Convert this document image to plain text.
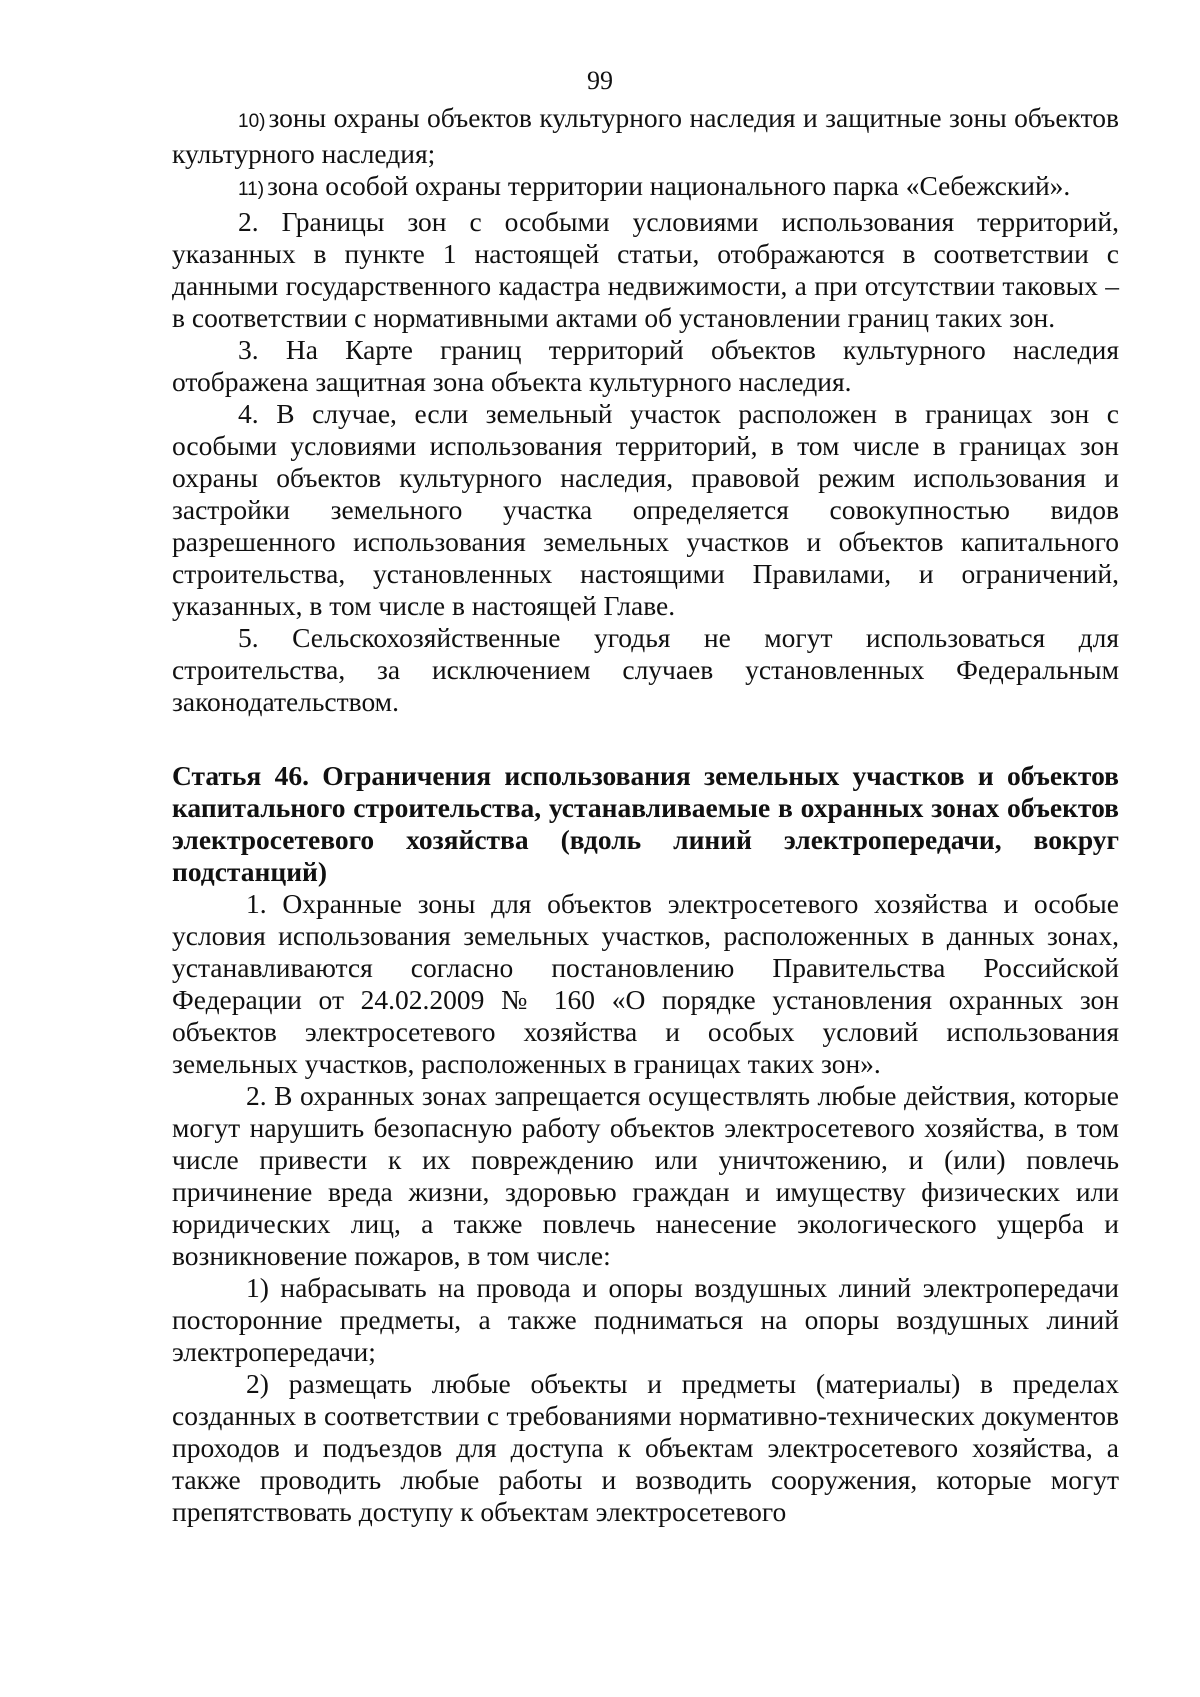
99

10) зоны охраны объектов культурного наследия и защитные зоны объектов культурного наследия;

11) зона особой охраны территории национального парка «Себежский».

2. Границы зон с особыми условиями использования территорий, указанных в пункте 1 настоящей статьи, отображаются в соответствии с данными государственного кадастра недвижимости, а при отсутствии таковых – в соответствии с нормативными актами об установлении границ таких зон.

3. На Карте границ территорий объектов культурного наследия отображена защитная зона объекта культурного наследия.

4. В случае, если земельный участок расположен в границах зон с особыми условиями использования территорий, в том числе в границах зон охраны объектов культурного наследия, правовой режим использования и застройки земельного участка определяется совокупностью видов разрешенного использования земельных участков и объектов капитального строительства, установленных настоящими Правилами, и ограничений, указанных, в том числе в настоящей Главе.

5. Сельскохозяйственные угодья не могут использоваться для строительства, за исключением случаев установленных Федеральным законодательством.

Статья 46. Ограничения использования земельных участков и объектов капитального строительства, устанавливаемые в охранных зонах объектов электросетевого хозяйства (вдоль линий электропередачи, вокруг подстанций)

1. Охранные зоны для объектов электросетевого хозяйства и особые условия использования земельных участков, расположенных в данных зонах, устанавливаются согласно постановлению Правительства Российской Федерации от 24.02.2009 № 160 «О порядке установления охранных зон объектов электросетевого хозяйства и особых условий использования земельных участков, расположенных в границах таких зон».

2. В охранных зонах запрещается осуществлять любые действия, которые могут нарушить безопасную работу объектов электросетевого хозяйства, в том числе привести к их повреждению или уничтожению, и (или) повлечь причинение вреда жизни, здоровью граждан и имуществу физических или юридических лиц, а также повлечь нанесение экологического ущерба и возникновение пожаров, в том числе:

1) набрасывать на провода и опоры воздушных линий электропередачи посторонние предметы, а также подниматься на опоры воздушных линий электропередачи;

2) размещать любые объекты и предметы (материалы) в пределах созданных в соответствии с требованиями нормативно-технических документов проходов и подъездов для доступа к объектам электросетевого хозяйства, а также проводить любые работы и возводить сооружения, которые могут препятствовать доступу к объектам электросетевого
